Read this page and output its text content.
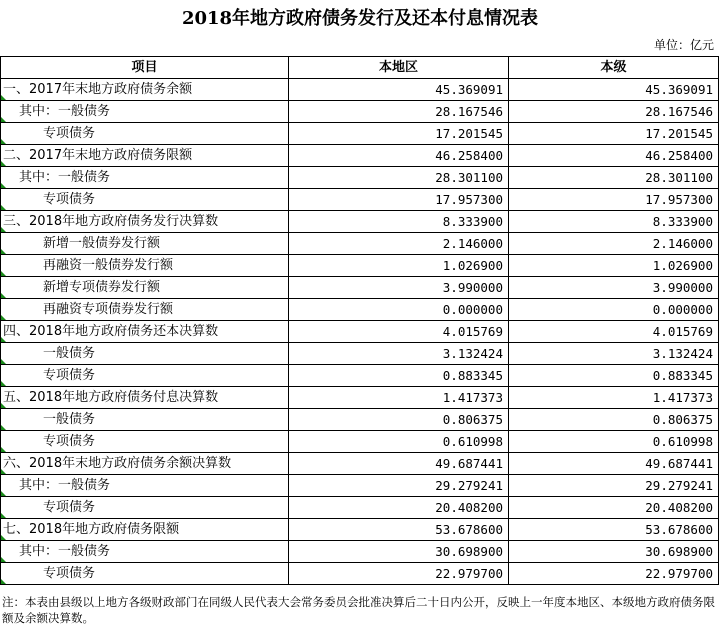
2018年地方政府债务发行及还本付息情况表
单位：亿元
项目	本地区	本级

一、2017年末地方政府债务余额	45.369091	45.369091

其中：一般债务	28.167546	28.167546

专项债务	17.201545	17.201545

二、2017年末地方政府债务限额	46.258400	46.258400

其中：一般债务	28.301100	28.301100

专项债务	17.957300	17.957300

三、2018年地方政府债务发行决算数	8.333900	8.333900

新增一般债券发行额	2.146000	2.146000

再融资一般债券发行额	1.026900	1.026900

新增专项债券发行额	3.990000	3.990000

再融资专项债券发行额	0.000000	0.000000

四、2018年地方政府债务还本决算数	4.015769	4.015769

一般债务	3.132424	3.132424

专项债务	0.883345	0.883345

五、2018年地方政府债务付息决算数	1.417373	1.417373

一般债务	0.806375	0.806375

专项债务	0.610998	0.610998

六、2018年末地方政府债务余额决算数	49.687441	49.687441

其中：一般债务	29.279241	29.279241

专项债务	20.408200	20.408200

七、2018年地方政府债务限额	53.678600	53.678600

其中：一般债务	30.698900	30.698900

专项债务	22.979700	22.979700
注：本表由县级以上地方各级财政部门在同级人民代表大会常务委员会批准决算后二十日内公开，反映上一年度本地区、本级地方政府债务限额及余额决算数。
